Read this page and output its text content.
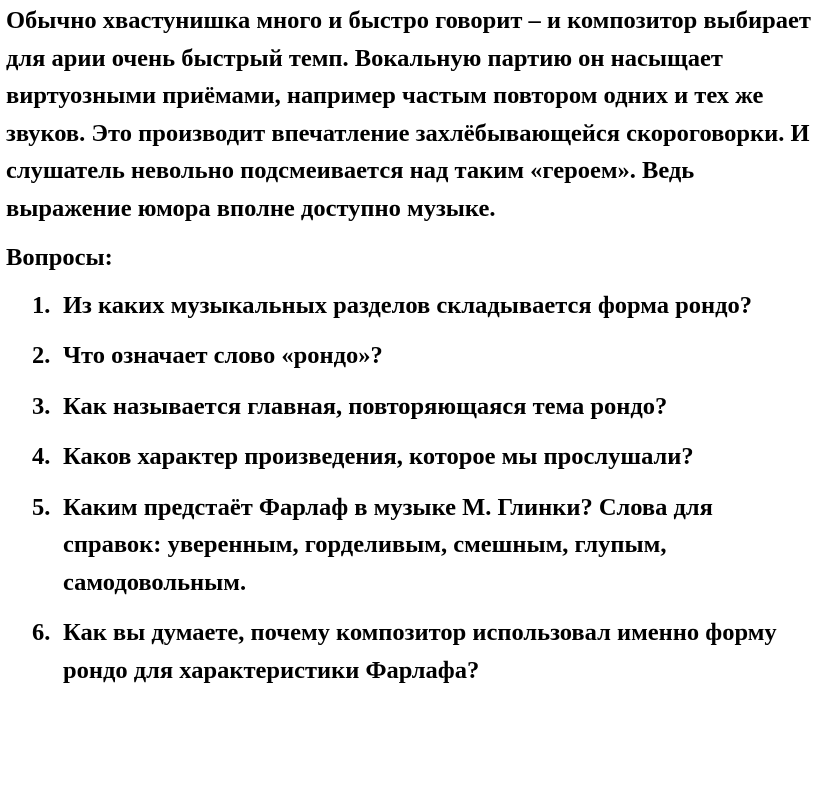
Обычно хвастунишка много и быстро говорит – и композитор выбирает для арии очень быстрый темп. Вокальную партию он насыщает виртуозными приёмами, например частым повтором одних и тех же звуков. Это производит впечатление захлёбывающейся скороговорки. И слушатель невольно подсмеивается над таким «героем». Ведь выражение юмора вполне доступно музыке.

Вопросы:

1. Из каких музыкальных разделов складывается форма рондо?
2. Что означает слово «рондо»?
3. Как называется главная, повторяющаяся тема рондо?
4. Каков характер произведения, которое мы прослушали?
5. Каким предстаёт Фарлаф в музыке М. Глинки? Слова для справок: уверенным, горделивым, смешным, глупым, самодовольным.
6. Как вы думаете, почему композитор использовал именно форму рондо для характеристики Фарлафа?
